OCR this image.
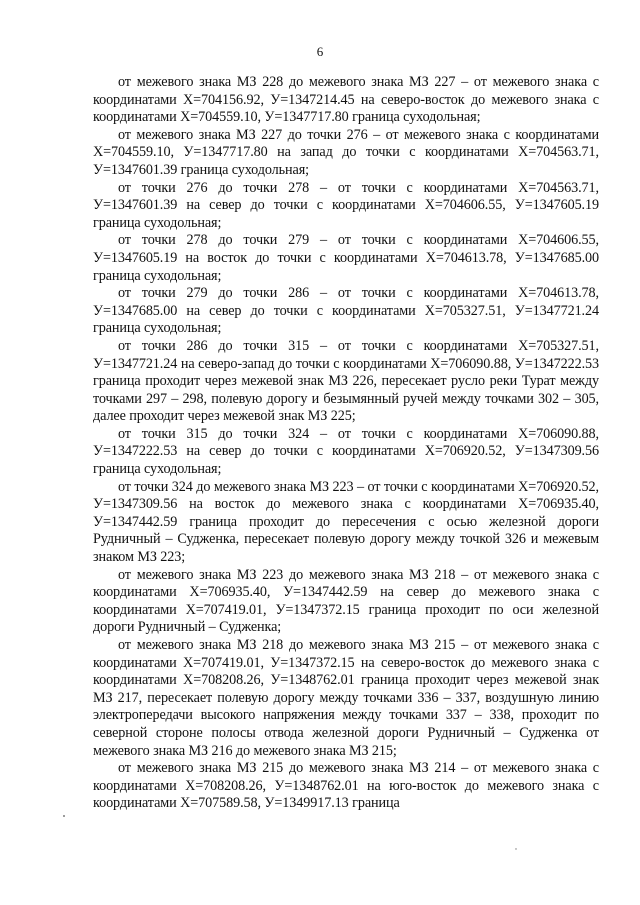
6

от межевого знака МЗ 228 до межевого знака МЗ 227 – от межевого знака с координатами Х=704156.92, У=1347214.45 на северо-восток до межевого знака с координатами Х=704559.10, У=1347717.80 граница суходольная;

от межевого знака МЗ 227 до точки 276 – от межевого знака с координатами Х=704559.10, У=1347717.80 на запад до точки с координатами Х=704563.71, У=1347601.39 граница суходольная;

от точки 276 до точки 278 – от точки с координатами Х=704563.71, У=1347601.39 на север до точки с координатами Х=704606.55, У=1347605.19 граница суходольная;

от точки 278 до точки 279 – от точки с координатами Х=704606.55, У=1347605.19 на восток до точки с координатами Х=704613.78, У=1347685.00 граница суходольная;

от точки 279 до точки 286 – от точки с координатами Х=704613.78, У=1347685.00 на север до точки с координатами Х=705327.51, У=1347721.24 граница суходольная;

от точки 286 до точки 315 – от точки с координатами Х=705327.51, У=1347721.24 на северо-запад до точки с координатами Х=706090.88, У=1347222.53 граница проходит через межевой знак МЗ 226, пересекает русло реки Турат между точками 297 – 298, полевую дорогу и безымянный ручей между точками 302 – 305, далее проходит через межевой знак МЗ 225;

от точки 315 до точки 324 – от точки с координатами Х=706090.88, У=1347222.53 на север до точки с координатами Х=706920.52, У=1347309.56 граница суходольная;

от точки 324 до межевого знака МЗ 223 – от точки с координатами Х=706920.52, У=1347309.56 на восток до межевого знака с координатами Х=706935.40, У=1347442.59 граница проходит до пересечения с осью железной дороги Рудничный – Судженка, пересекает полевую дорогу между точкой 326 и межевым знаком МЗ 223;

от межевого знака МЗ 223 до межевого знака МЗ 218 – от межевого знака с координатами Х=706935.40, У=1347442.59 на север до межевого знака с координатами Х=707419.01, У=1347372.15 граница проходит по оси железной дороги Рудничный – Судженка;

от межевого знака МЗ 218 до межевого знака МЗ 215 – от межевого знака с координатами Х=707419.01, У=1347372.15 на северо-восток до межевого знака с координатами Х=708208.26, У=1348762.01 граница проходит через межевой знак МЗ 217, пересекает полевую дорогу между точками 336 – 337, воздушную линию электропередачи высокого напряжения между точками 337 – 338, проходит по северной стороне полосы отвода железной дороги Рудничный – Судженка от межевого знака МЗ 216 до межевого знака МЗ 215;

от межевого знака МЗ 215 до межевого знака МЗ 214 – от межевого знака с координатами Х=708208.26, У=1348762.01 на юго-восток до межевого знака с координатами Х=707589.58, У=1349917.13 граница
